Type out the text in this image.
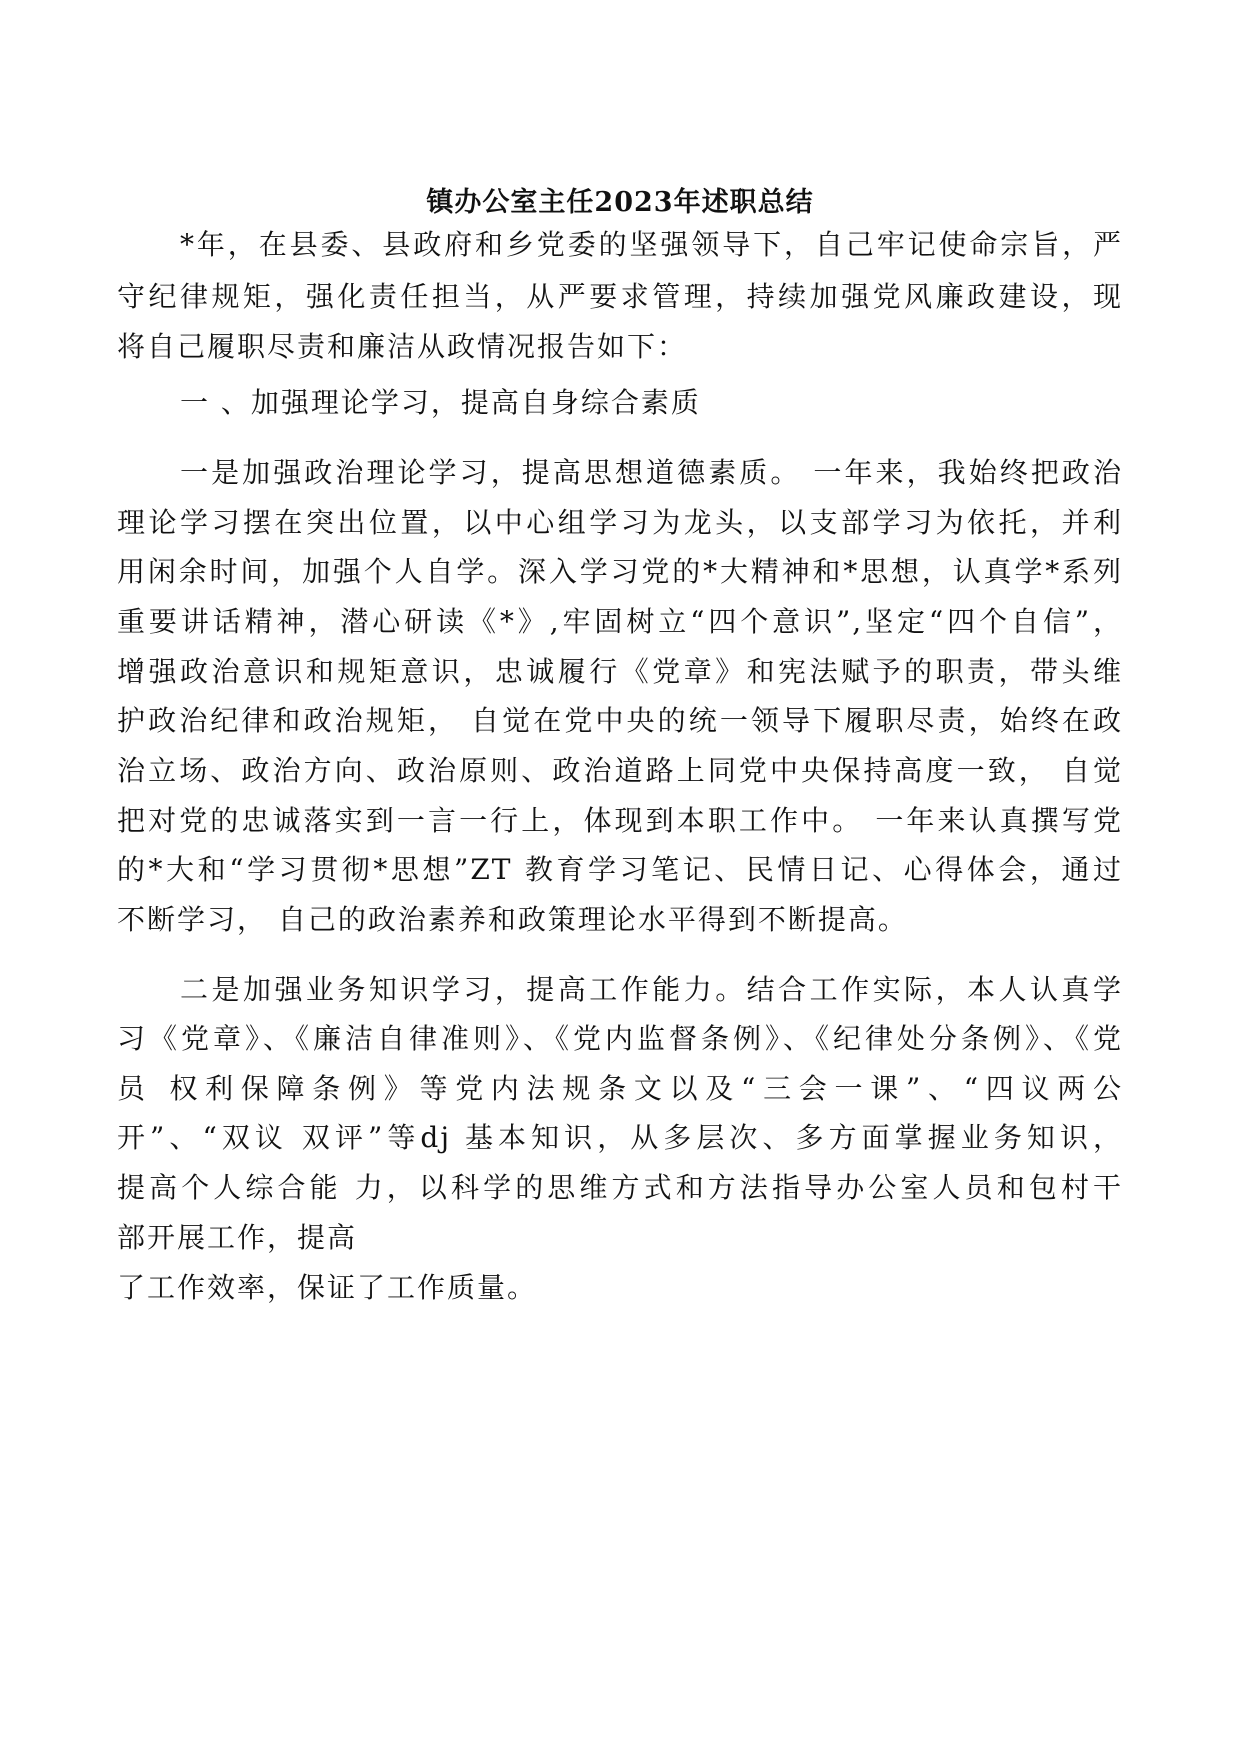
镇办公室主任2023年述职总结
*年，在县委、县政府和乡党委的坚强领导下，自己牢记使命宗旨，严
守纪律规矩，强化责任担当，从严要求管理，持续加强党风廉政建设，现
将自己履职尽责和廉洁从政情况报告如下：
一 、加强理论学习，提高自身综合素质
一是加强政治理论学习，提高思想道德素质。 一年来，我始终把政治
理论学习摆在突出位置，以中心组学习为龙头，以支部学习为依托，并利
用闲余时间，加强个人自学。深入学习党的*大精神和*思想，认真学*系列
重要讲话精神，潜心研读《*》,牢固树立“四个意识”,坚定“四个自信”，
增强政治意识和规矩意识，忠诚履行《党章》和宪法赋予的职责，带头维
护政治纪律和政治规矩， 自觉在党中央的统一领导下履职尽责，始终在政
治立场、政治方向、政治原则、政治道路上同党中央保持高度一致， 自觉
把对党的忠诚落实到一言一行上，体现到本职工作中。 一年来认真撰写党
的*大和“学习贯彻*思想”ZT 教育学习笔记、民情日记、心得体会，通过
不断学习， 自己的政治素养和政策理论水平得到不断提高。
二是加强业务知识学习，提高工作能力。结合工作实际，本人认真学
习《党章》、《廉洁自律准则》、《党内监督条例》、《纪律处分条例》、《党
员 权利保障条例》等党内法规条文以及“三会一课”、“四议两公
开”、“双议 双评”等dj 基本知识，从多层次、多方面掌握业务知识，
提高个人综合能 力，以科学的思维方式和方法指导办公室人员和包村干
部开展工作，提高
了工作效率，保证了工作质量。
